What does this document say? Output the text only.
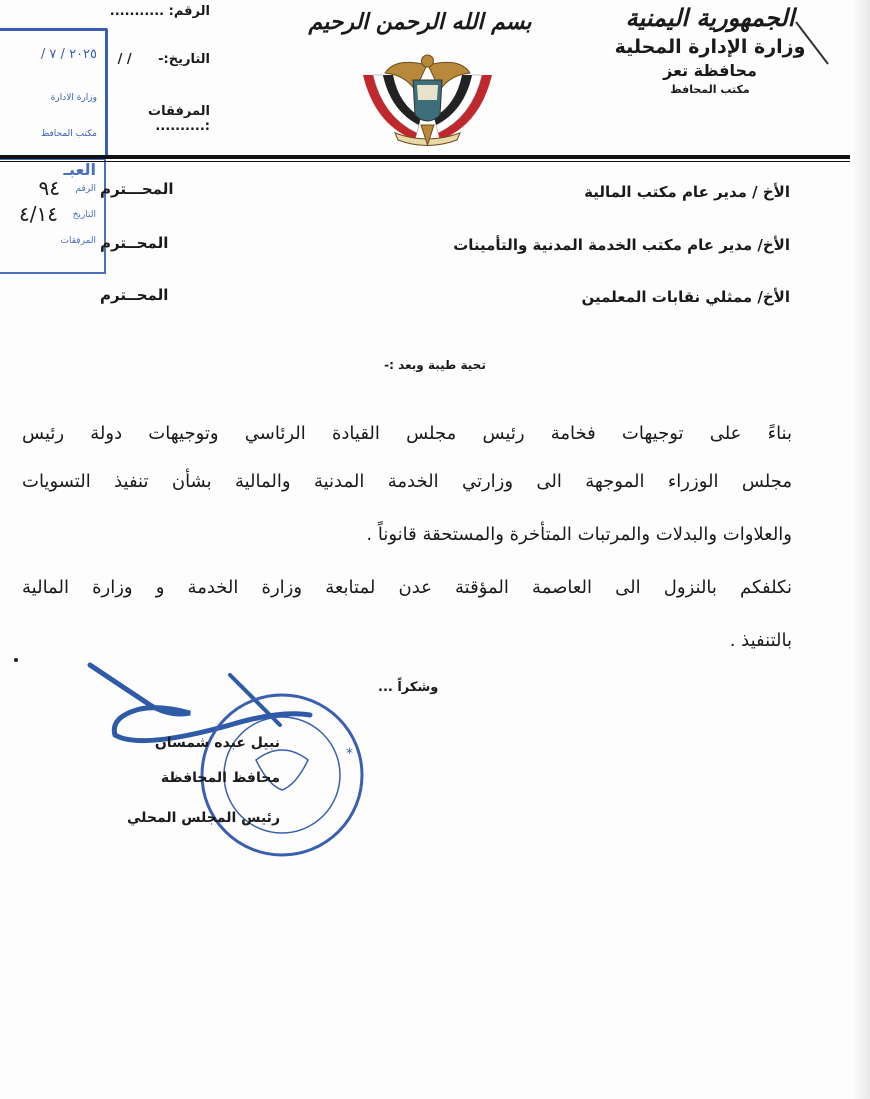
الجمهورية اليمنية
وزارة الإدارة المحلية
محافظة تعز
مكتب المحافظ
بسم الله الرحمن الرحيم
الرقم: ...........
التاريخ:- / /
المرفقات :..........
٢٠٢٥ / ٧ /
وزارة الادارة
مكتب المحافظ
العبـ
الرقم
٩٤
التاريخ
٤/١٤
المرفقات
الأخ / مدير عام مكتب المالية
المحـــترم
الأخ/ مدير عام مكتب الخدمة المدنية والتأمينات
المحــترم
الأخ/ ممثلي نقابات المعلمين
المحــترم
تحية طيبة وبعد :-
بناءً على توجيهات فخامة رئيس مجلس القيادة الرئاسي وتوجيهات دولة رئيس
مجلس الوزراء الموجهة الى وزارتي الخدمة المدنية والمالية بشأن تنفيذ التسويات
والعلاوات والبدلات والمرتبات المتأخرة والمستحقة قانوناً .
نكلفكم بالنزول الى العاصمة المؤقتة عدن لمتابعة وزارة الخدمة و وزارة المالية
بالتنفيذ .
وشكراً ...
*
نبيل عبده شمسان
محافظ المحافظة
رئيس المجلس المحلي
